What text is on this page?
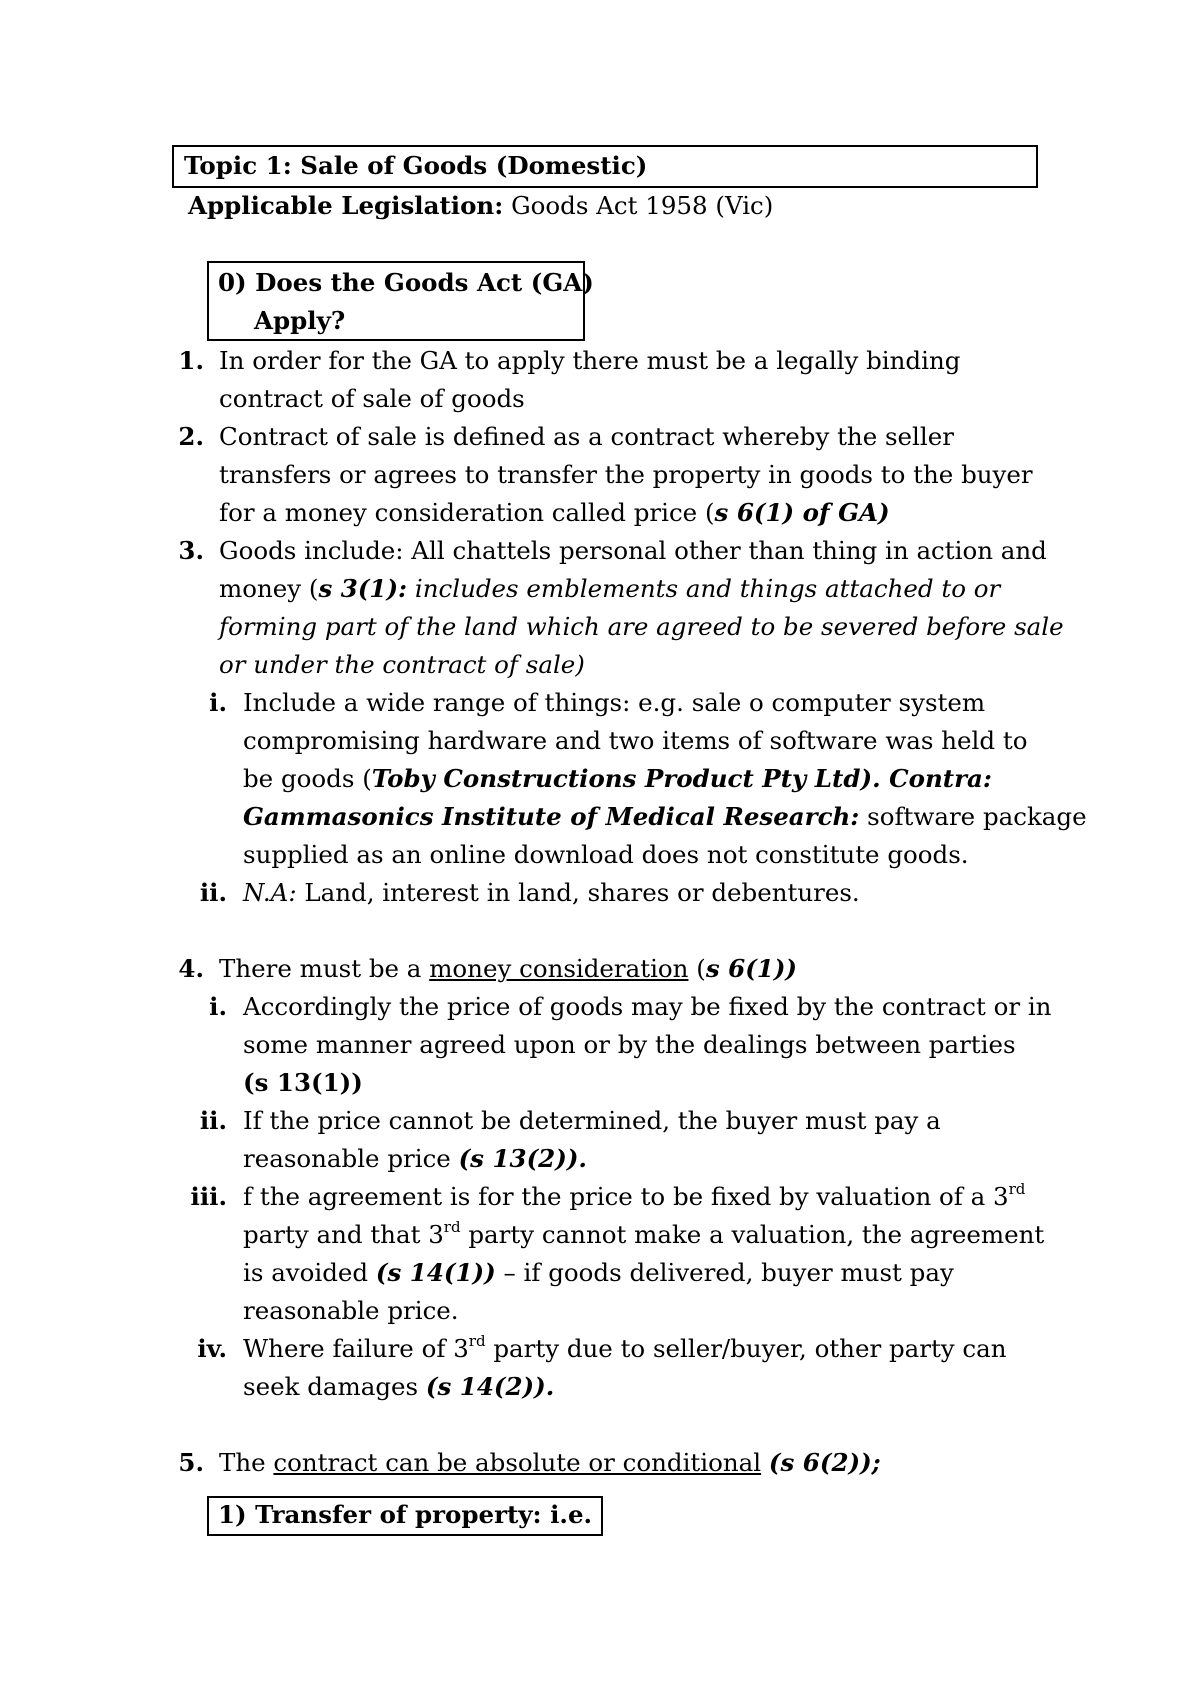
Topic 1: Sale of Goods (Domestic)
Applicable Legislation: Goods Act 1958 (Vic)
0) Does the Goods Act (GA)
Apply?
1. In order for the GA to apply there must be a legally binding
contract of sale of goods
2. Contract of sale is defined as a contract whereby the seller
transfers or agrees to transfer the property in goods to the buyer
for a money consideration called price (s 6(1) of GA)
3. Goods include: All chattels personal other than thing in action and
money (s 3(1): includes emblements and things attached to or
forming part of the land which are agreed to be severed before sale
or under the contract of sale)
i. Include a wide range of things: e.g. sale o computer system
compromising hardware and two items of software was held to
be goods (Toby Constructions Product Pty Ltd). Contra:
Gammasonics Institute of Medical Research: software package
supplied as an online download does not constitute goods.
ii. N.A: Land, interest in land, shares or debentures.
4. There must be a money consideration (s 6(1))
i. Accordingly the price of goods may be fixed by the contract or in
some manner agreed upon or by the dealings between parties
(s 13(1))
ii. If the price cannot be determined, the buyer must pay a
reasonable price (s 13(2)).
iii. f the agreement is for the price to be fixed by valuation of a 3rd
party and that 3rd party cannot make a valuation, the agreement
is avoided (s 14(1)) – if goods delivered, buyer must pay
reasonable price.
iv. Where failure of 3rd party due to seller/buyer, other party can
seek damages (s 14(2)).
5. The contract can be absolute or conditional (s 6(2));
1) Transfer of property: i.e.
